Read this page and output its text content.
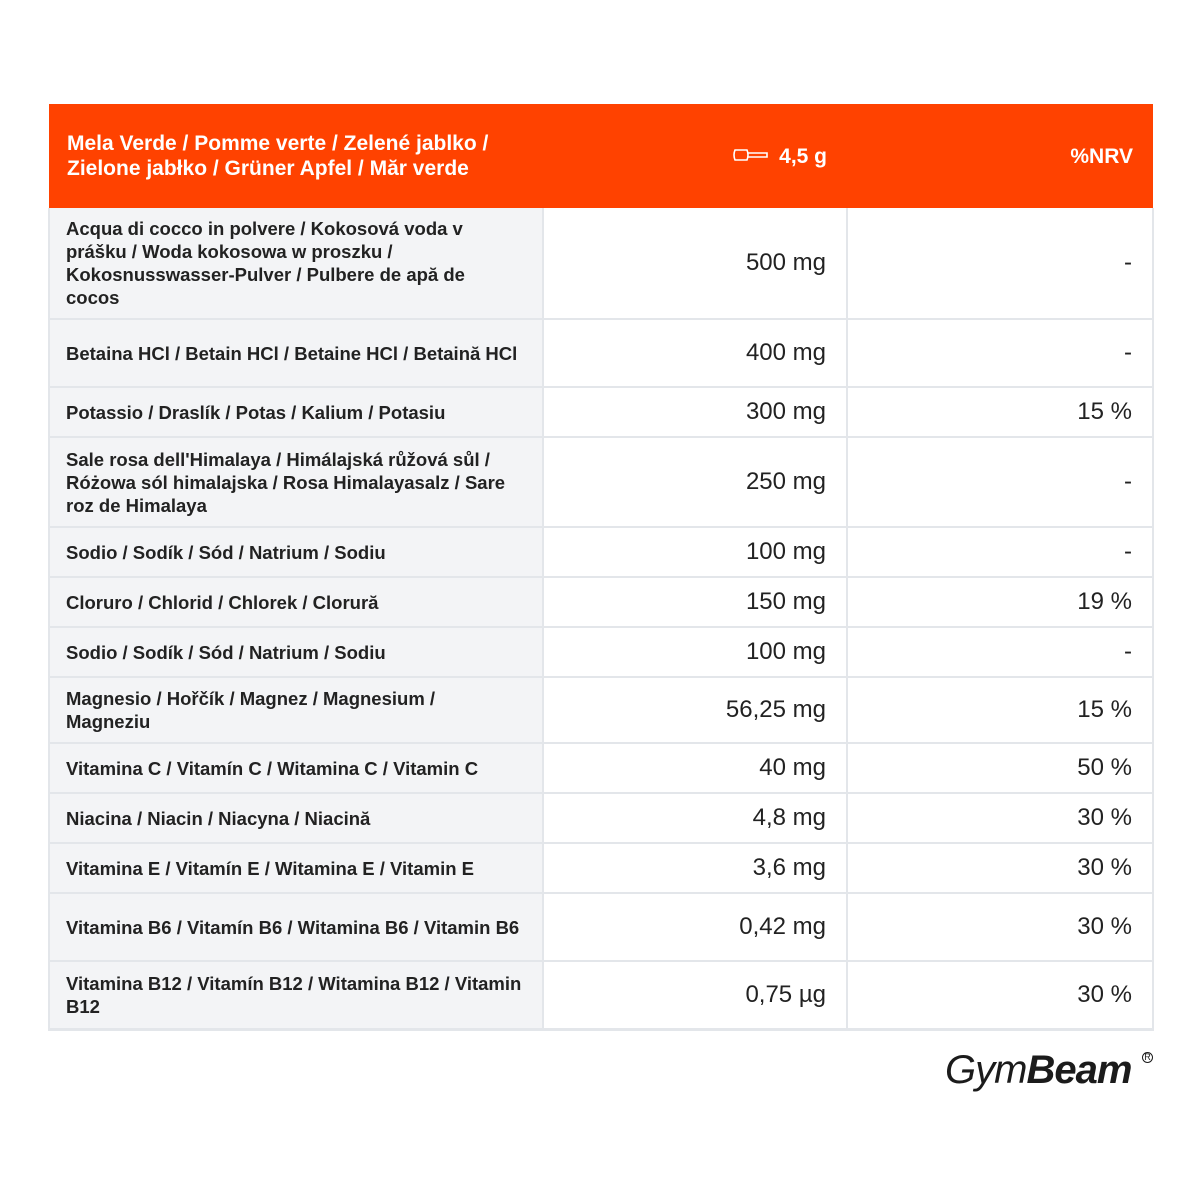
Mela Verde / Pomme verte / Zelené jablko / Zielone jabłko / Grüner Apfel / Măr verde	4,5 g	%NRV
Acqua di cocco in polvere / Kokosová voda v prášku / Woda kokosowa w proszku / Kokosnusswasser-Pulver / Pulbere de apă de cocos	500 mg	-
Betaina HCl / Betain HCl / Betaine HCl / Betaină HCl	400 mg	-
Potassio / Draslík / Potas / Kalium / Potasiu	300 mg	15 %
Sale rosa dell'Himalaya / Himálajská růžová sůl / Różowa sól himalajska / Rosa Himalayasalz / Sare roz de Himalaya	250 mg	-
Sodio / Sodík / Sód / Natrium / Sodiu	100 mg	-
Cloruro / Chlorid / Chlorek / Clorură	150 mg	19 %
Sodio / Sodík / Sód / Natrium / Sodiu	100 mg	-
Magnesio / Hořčík / Magnez / Magnesium / Magneziu	56,25 mg	15 %
Vitamina C / Vitamín C / Witamina C / Vitamin C	40 mg	50 %
Niacina / Niacin / Niacyna / Niacină	4,8 mg	30 %
Vitamina E / Vitamín E / Witamina E / Vitamin E	3,6 mg	30 %
Vitamina B6 / Vitamín B6 / Witamina B6 / Vitamin B6	0,42 mg	30 %
Vitamina B12 / Vitamín B12 / Witamina B12 / Vitamin B12	0,75 µg	30 %
GymBeam R
